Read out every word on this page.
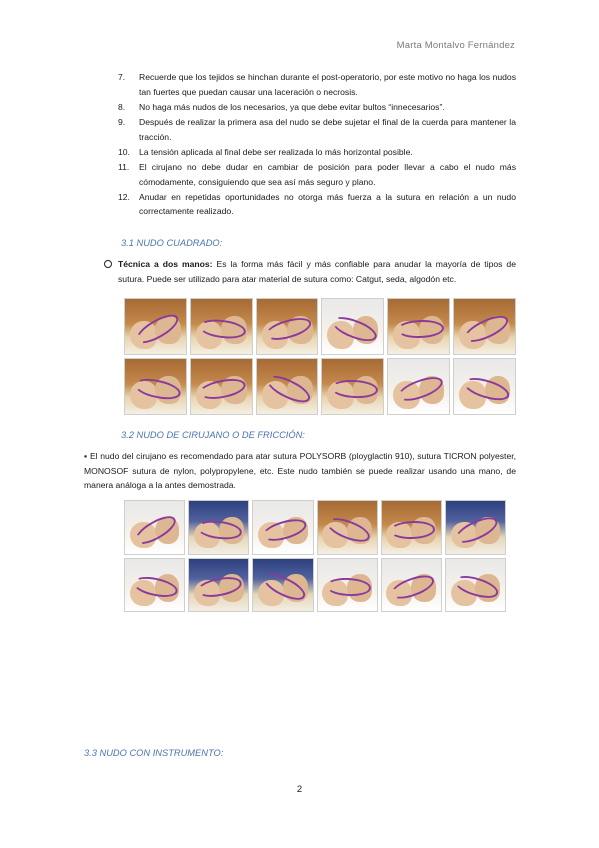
Marta Montalvo Fernández
7. Recuerde que los tejidos se hinchan durante el post-operatorio, por este motivo no haga los nudos tan fuertes que puedan causar una laceración o necrosis.
8. No haga más nudos de los necesarios, ya que debe evitar bultos “innecesarios”.
9. Después de realizar la primera asa del nudo se debe sujetar el final de la cuerda para mantener la tracción.
10. La tensión aplicada al final debe ser realizada lo más horizontal posible.
11. El cirujano no debe dudar en cambiar de posición para poder llevar a cabo el nudo más cómodamente, consiguiendo que sea así más seguro y plano.
12. Anudar en repetidas oportunidades no otorga más fuerza a la sutura en relación a un nudo correctamente realizado.
3.1 NUDO CUADRADO:
Técnica a dos manos: Es la forma más fácil y más confiable para anudar la mayoría de tipos de sutura. Puede ser utilizado para atar material de sutura como: Catgut, seda, algodón etc.
3.2 NUDO DE CIRUJANO O DE FRICCIÓN:
▪ El nudo del cirujano es recomendado para atar sutura POLYSORB (ployglactin 910), sutura TICRON polyester, MONOSOF sutura de nylon, polypropylene, etc. Este nudo también se puede realizar usando una mano, de manera análoga a la antes demostrada.
3.3 NUDO CON INSTRUMENTO:
2
